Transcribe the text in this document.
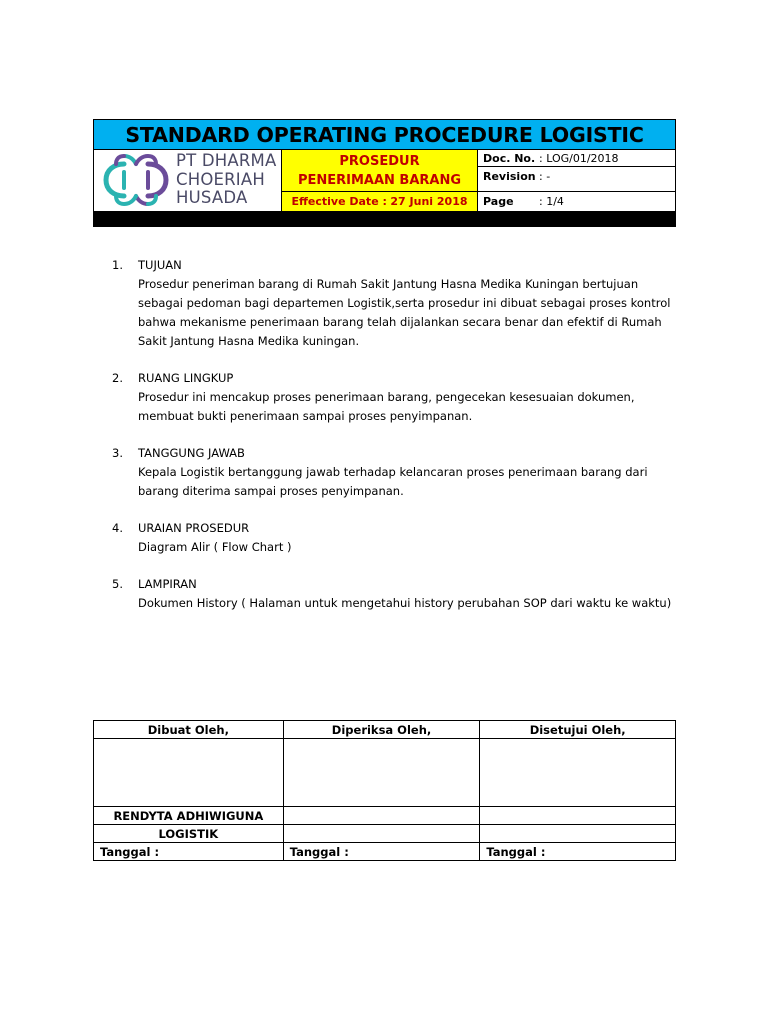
STANDARD OPERATING PROCEDURE LOGISTIC
PT DHARMA
CHOERIAH
HUSADA
PROSEDUR
PENERIMAAN BARANG
Effective Date : 27 Juni 2018
Doc. No. : LOG/01/2018
Revision : -
Page : 1/4
1.	TUJUAN
Prosedur peneriman barang di Rumah Sakit Jantung Hasna Medika Kuningan bertujuan
sebagai pedoman bagi departemen Logistik,serta prosedur ini dibuat sebagai proses kontrol
bahwa mekanisme penerimaan barang telah dijalankan secara benar dan efektif di Rumah
Sakit Jantung Hasna Medika kuningan.
2.	RUANG LINGKUP
Prosedur ini mencakup proses penerimaan barang, pengecekan kesesuaian dokumen,
membuat bukti penerimaan sampai proses penyimpanan.
3.	TANGGUNG JAWAB
Kepala Logistik bertanggung jawab terhadap kelancaran proses penerimaan barang dari
barang diterima sampai proses penyimpanan.
4.	URAIAN PROSEDUR
Diagram Alir ( Flow Chart )
5.	LAMPIRAN
Dokumen History ( Halaman untuk mengetahui history perubahan SOP dari waktu ke waktu)
Dibuat Oleh,	Diperiksa Oleh,	Disetujui Oleh,

RENDYTA ADHIWIGUNA		
LOGISTIK		
Tanggal :	Tanggal :	Tanggal :
